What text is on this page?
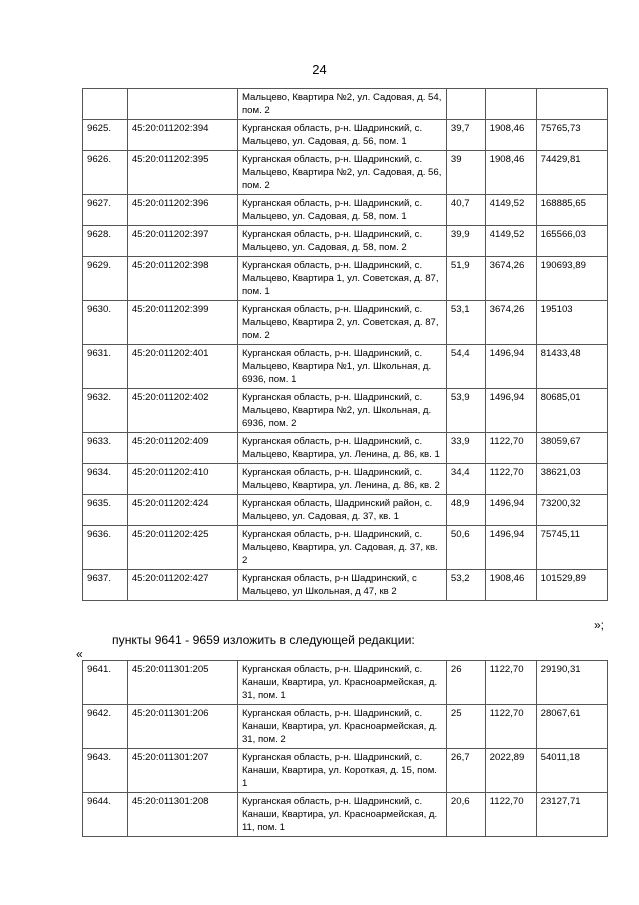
24
		Мальцево, Квартира №2, ул. Садовая, д. 54, пом. 2			
9625.	45:20:011202:394	Курганская область, р-н. Шадринский, с. Мальцево, ул. Садовая, д. 56, пом. 1	39,7	1908,46	75765,73
9626.	45:20:011202:395	Курганская область, р-н. Шадринский, с. Мальцево, Квартира №2, ул. Садовая, д. 56, пом. 2	39	1908,46	74429,81
9627.	45:20:011202:396	Курганская область, р-н. Шадринский, с. Мальцево, ул. Садовая, д. 58, пом. 1	40,7	4149,52	168885,65
9628.	45:20:011202:397	Курганская область, р-н. Шадринский, с. Мальцево, ул. Садовая, д. 58, пом. 2	39,9	4149,52	165566,03
9629.	45:20:011202:398	Курганская область, р-н. Шадринский, с. Мальцево, Квартира 1, ул. Советская, д. 87, пом. 1	51,9	3674,26	190693,89
9630.	45:20:011202:399	Курганская область, р-н. Шадринский, с. Мальцево, Квартира 2, ул. Советская, д. 87, пом. 2	53,1	3674,26	195103
9631.	45:20:011202:401	Курганская область, р-н. Шадринский, с. Мальцево, Квартира №1, ул. Школьная, д. 6936, пом. 1	54,4	1496,94	81433,48
9632.	45:20:011202:402	Курганская область, р-н. Шадринский, с. Мальцево, Квартира №2, ул. Школьная, д. 6936, пом. 2	53,9	1496,94	80685,01
9633.	45:20:011202:409	Курганская область, р-н. Шадринский, с. Мальцево, Квартира, ул. Ленина, д. 86, кв. 1	33,9	1122,70	38059,67
9634.	45:20:011202:410	Курганская область, р-н. Шадринский, с. Мальцево, Квартира, ул. Ленина, д. 86, кв. 2	34,4	1122,70	38621,03
9635.	45:20:011202:424	Курганская область, Шадринский район, с. Мальцево, ул. Садовая, д. 37, кв. 1	48,9	1496,94	73200,32
9636.	45:20:011202:425	Курганская область, р-н. Шадринский, с. Мальцево, Квартира, ул. Садовая, д. 37, кв. 2	50,6	1496,94	75745,11
9637.	45:20:011202:427	Курганская область, р-н Шадринский, с Мальцево, ул Школьная, д 47, кв 2	53,2	1908,46	101529,89
»;
пункты 9641 - 9659 изложить в следующей редакции:
«
9641.	45:20:011301:205	Курганская область, р-н. Шадринский, с. Канаши, Квартира, ул. Красноармейская, д. 31, пом. 1	26	1122,70	29190,31
9642.	45:20:011301:206	Курганская область, р-н. Шадринский, с. Канаши, Квартира, ул. Красноармейская, д. 31, пом. 2	25	1122,70	28067,61
9643.	45:20:011301:207	Курганская область, р-н. Шадринский, с. Канаши, Квартира, ул. Короткая, д. 15, пом. 1	26,7	2022,89	54011,18
9644.	45:20:011301:208	Курганская область, р-н. Шадринский, с. Канаши, Квартира, ул. Красноармейская, д. 11, пом. 1	20,6	1122,70	23127,71
